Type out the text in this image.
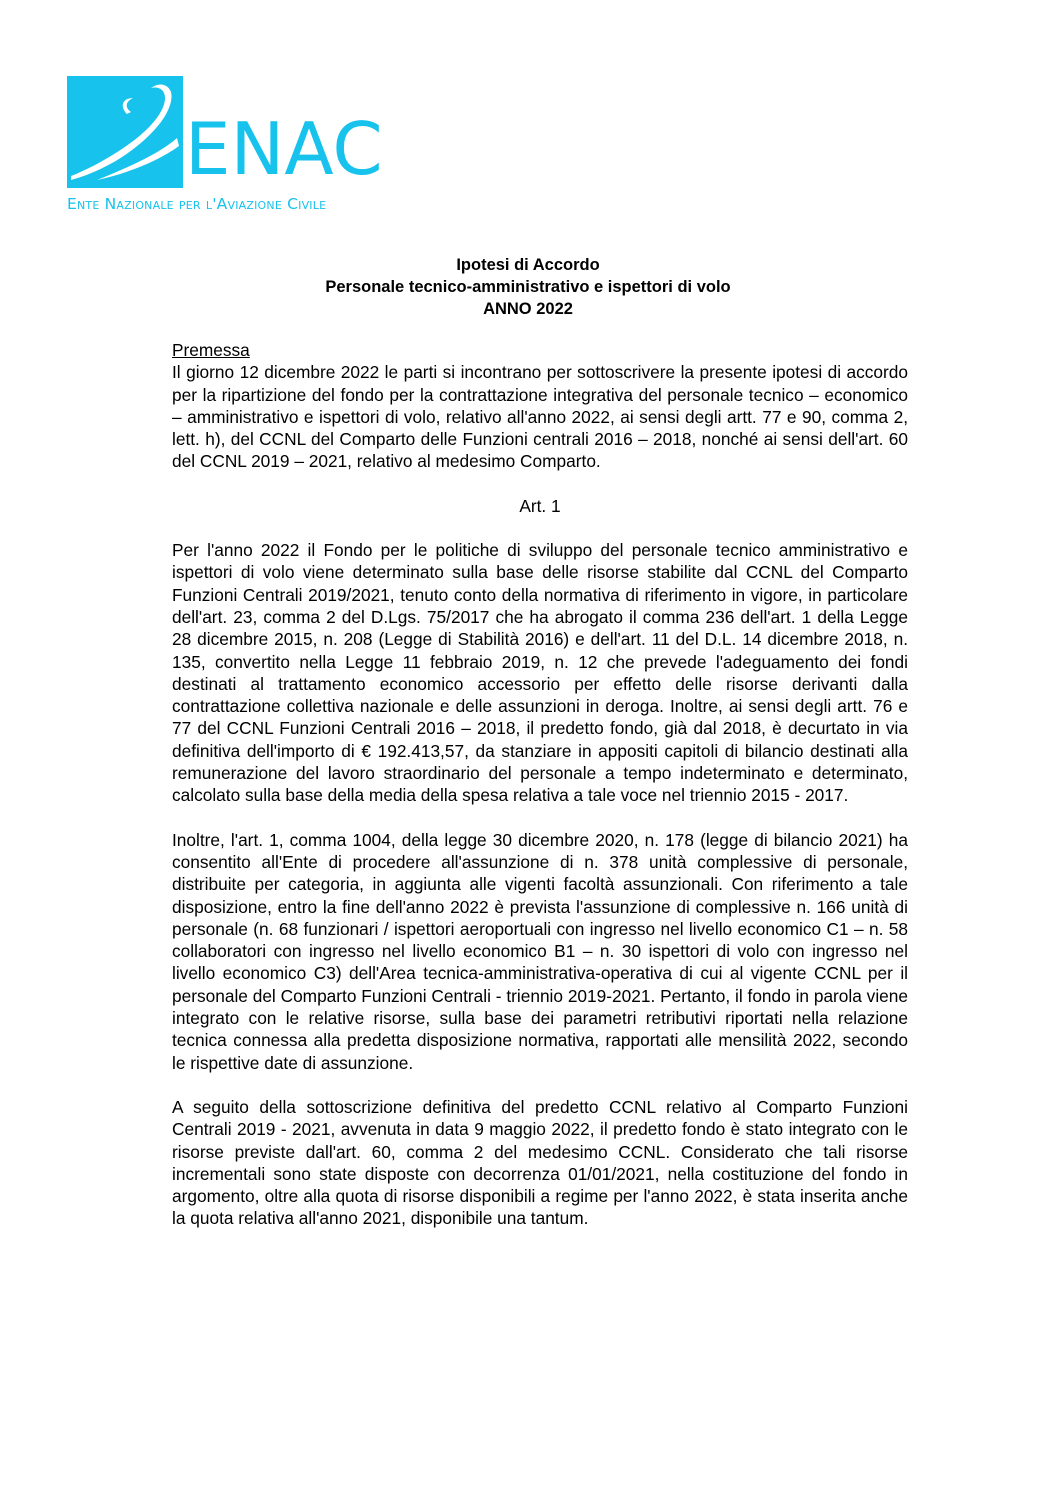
ENAC
Ente Nazionale per l'Aviazione Civile
Ipotesi di Accordo
Personale tecnico-amministrativo e ispettori di volo
ANNO 2022

Premessa

Il giorno 12 dicembre 2022 le parti si incontrano per sottoscrivere la presente ipotesi di accordo per la ripartizione del fondo per la contrattazione integrativa del personale tecnico – economico – amministrativo e ispettori di volo, relativo all'anno 2022, ai sensi degli artt. 77 e 90, comma 2, lett. h), del CCNL del Comparto delle Funzioni centrali 2016 – 2018, nonché ai sensi dell'art. 60 del CCNL 2019 – 2021, relativo al medesimo Comparto.

Art. 1

Per l'anno 2022 il Fondo per le politiche di sviluppo del personale tecnico amministrativo e ispettori di volo viene determinato sulla base delle risorse stabilite dal CCNL del Comparto Funzioni Centrali 2019/2021, tenuto conto della normativa di riferimento in vigore, in particolare dell'art. 23, comma 2 del D.Lgs. 75/2017 che ha abrogato il comma 236 dell'art. 1 della Legge 28 dicembre 2015, n. 208 (Legge di Stabilità 2016) e dell'art. 11 del D.L. 14 dicembre 2018, n. 135, convertito nella Legge 11 febbraio 2019, n. 12 che prevede l'adeguamento dei fondi destinati al trattamento economico accessorio per effetto delle risorse derivanti dalla contrattazione collettiva nazionale e delle assunzioni in deroga. Inoltre, ai sensi degli artt. 76 e 77 del CCNL Funzioni Centrali 2016 – 2018, il predetto fondo, già dal 2018, è decurtato in via definitiva dell'importo di € 192.413,57, da stanziare in appositi capitoli di bilancio destinati alla remunerazione del lavoro straordinario del personale a tempo indeterminato e determinato, calcolato sulla base della media della spesa relativa a tale voce nel triennio 2015 - 2017.

Inoltre, l'art. 1, comma 1004, della legge 30 dicembre 2020, n. 178 (legge di bilancio 2021) ha consentito all'Ente di procedere all'assunzione di n. 378 unità complessive di personale, distribuite per categoria, in aggiunta alle vigenti facoltà assunzionali. Con riferimento a tale disposizione, entro la fine dell'anno 2022 è prevista l'assunzione di complessive n. 166 unità di personale (n. 68 funzionari / ispettori aeroportuali con ingresso nel livello economico C1 – n. 58 collaboratori con ingresso nel livello economico B1 – n. 30 ispettori di volo con ingresso nel livello economico C3) dell'Area tecnica-amministrativa-operativa di cui al vigente CCNL per il personale del Comparto Funzioni Centrali - triennio 2019-2021. Pertanto, il fondo in parola viene integrato con le relative risorse, sulla base dei parametri retributivi riportati nella relazione tecnica connessa alla predetta disposizione normativa, rapportati alle mensilità 2022, secondo le rispettive date di assunzione.

A seguito della sottoscrizione definitiva del predetto CCNL relativo al Comparto Funzioni Centrali 2019 - 2021, avvenuta in data 9 maggio 2022, il predetto fondo è stato integrato con le risorse previste dall'art. 60, comma 2 del medesimo CCNL. Considerato che tali risorse incrementali sono state disposte con decorrenza 01/01/2021, nella costituzione del fondo in argomento, oltre alla quota di risorse disponibili a regime per l'anno 2022, è stata inserita anche la quota relativa all'anno 2021, disponibile una tantum.
